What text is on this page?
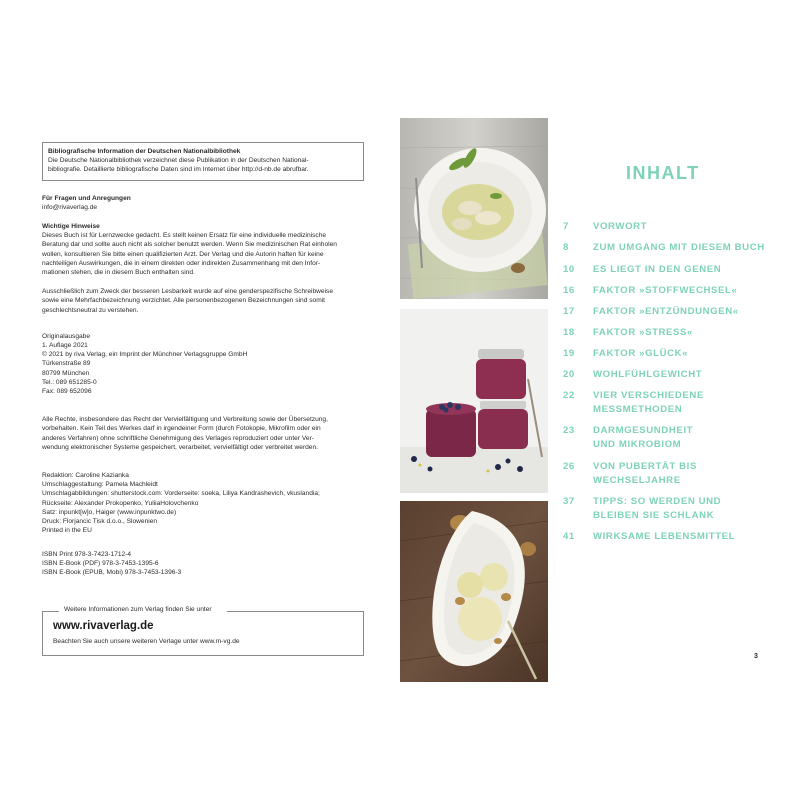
Bibliografische Information der Deutschen Nationalbibliothek
Die Deutsche Nationalbibliothek verzeichnet diese Publikation in der Deutschen National-
bibliografie. Detaillierte bibliografische Daten sind im Internet über http://d-nb.de abrufbar.
Für Fragen und Anregungen
info@rivaverlag.de
Wichtige Hinweise
Dieses Buch ist für Lernzwecke gedacht. Es stellt keinen Ersatz für eine individuelle medizinische
Beratung dar und sollte auch nicht als solcher benutzt werden. Wenn Sie medizinischen Rat einholen
wollen, konsultieren Sie bitte einen qualifizierten Arzt. Der Verlag und die Autorin haften für keine
nachteiligen Auswirkungen, die in einem direkten oder indirekten Zusammenhang mit den Infor-
mationen stehen, die in diesem Buch enthalten sind.
Ausschließlich zum Zweck der besseren Lesbarkeit wurde auf eine genderspezifische Schreibweise
sowie eine Mehrfachbezeichnung verzichtet. Alle personenbezogenen Bezeichnungen sind somit
geschlechtsneutral zu verstehen.
Originalausgabe
1. Auflage 2021
© 2021 by riva Verlag, ein Imprint der Münchner Verlagsgruppe GmbH
Türkenstraße 89
80799 München
Tel.: 089 651285-0
Fax: 089 652096
Alle Rechte, insbesondere das Recht der Vervielfältigung und Verbreitung sowie der Übersetzung,
vorbehalten. Kein Teil des Werkes darf in irgendeiner Form (durch Fotokopie, Mikrofilm oder ein
anderes Verfahren) ohne schriftliche Genehmigung des Verlages reproduziert oder unter Ver-
wendung elektronischer Systeme gespeichert, verarbeitet, vervielfältigt oder verbreitet werden.
Redaktion: Caroline Kazianka
Umschlaggestaltung: Pamela Machleidt
Umschlagabbildungen: shutterstock.com: Vorderseite: soeka, Liliya Kandrashevich, vkuslandia;
Rückseite: Alexander Prokopenko, YuliiaHolovchenko
Satz: inpunkt[w]o, Haiger (www.inpunktwo.de)
Druck: Florjancic Tisk d.o.o., Slowenien
Printed in the EU
ISBN Print 978-3-7423-1712-4
ISBN E-Book (PDF) 978-3-7453-1395-6
ISBN E-Book (EPUB, Mobi) 978-3-7453-1396-3
Weitere Informationen zum Verlag finden Sie unter
www.rivaverlag.de
Beachten Sie auch unsere weiteren Verlage unter www.m-vg.de
INHALT
7	VORWORT
8	ZUM UMGANG MIT DIESEM BUCH
10	ES LIEGT IN DEN GENEN
16	FAKTOR »STOFFWECHSEL«
17	FAKTOR »ENTZÜNDUNGEN«
18	FAKTOR »STRESS«
19	FAKTOR »GLÜCK«
20	WOHLFÜHLGEWICHT
22	VIER VERSCHIEDENE
MESSMETHODEN
23	DARMGESUNDHEIT
UND MIKROBIOM
26	VON PUBERTÄT BIS
WECHSELJAHRE
37	TIPPS: SO WERDEN UND
BLEIBEN SIE SCHLANK
41	WIRKSAME LEBENSMITTEL
3
